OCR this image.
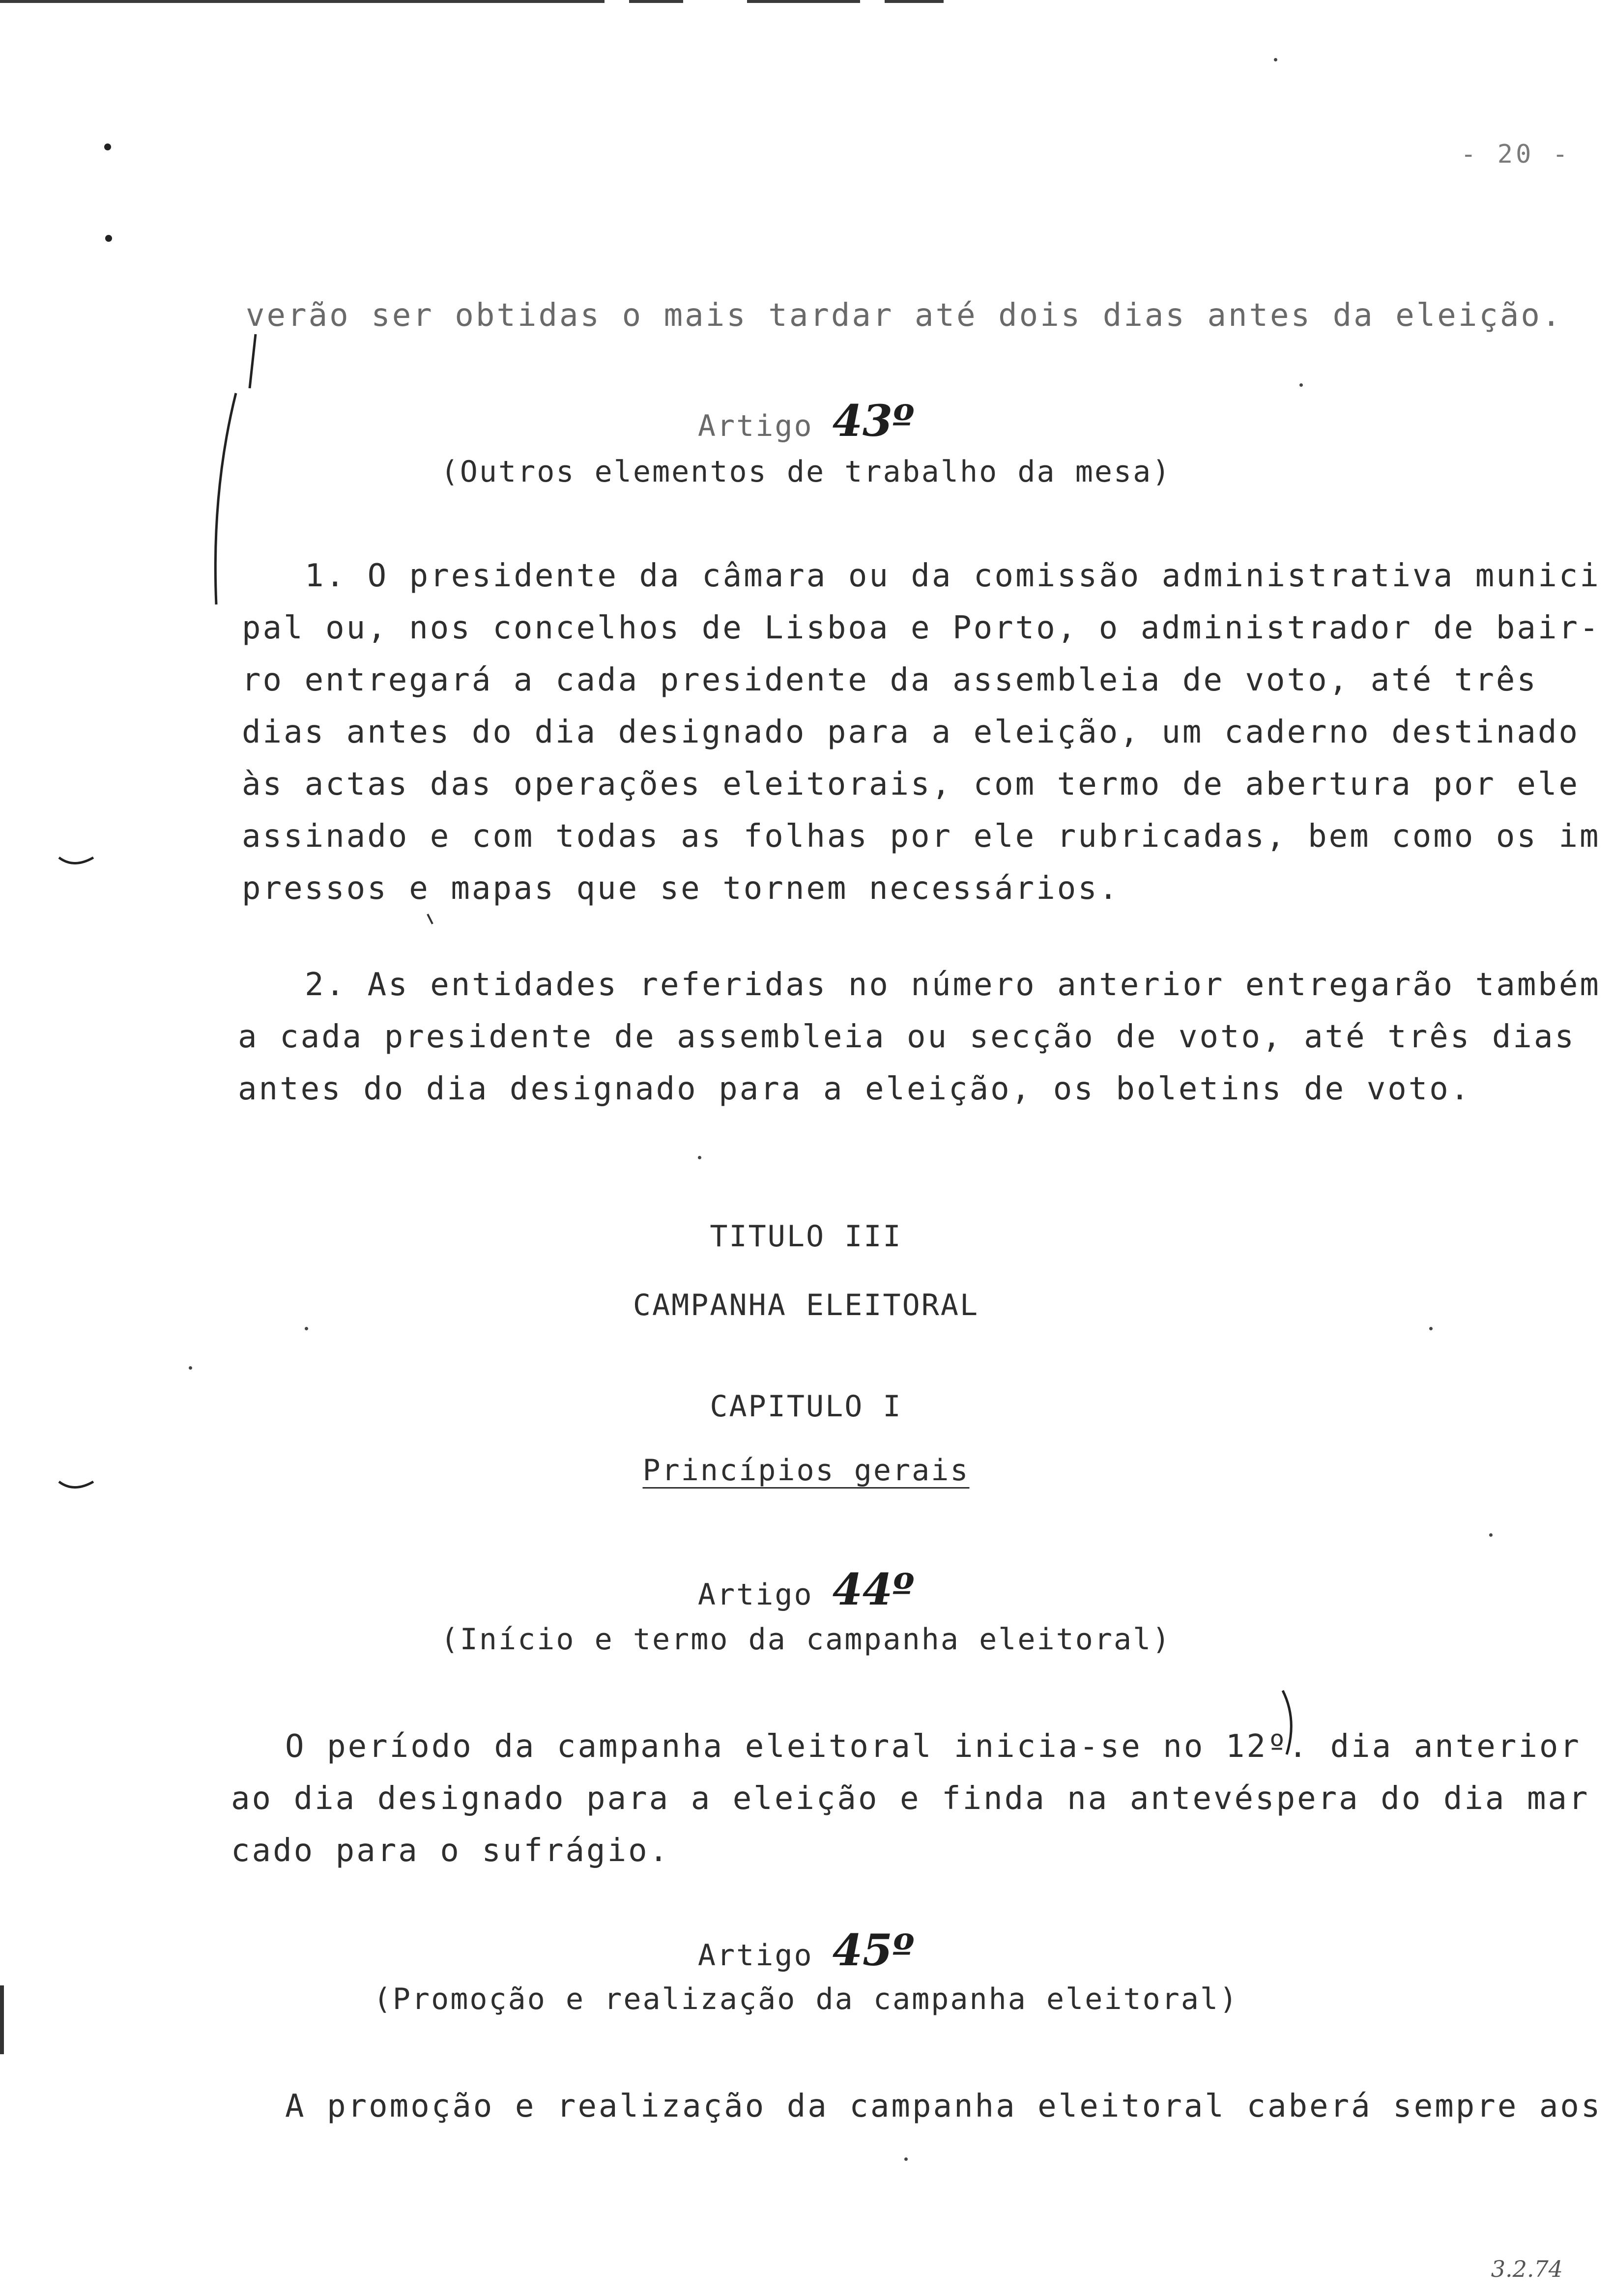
- 20 -
verão ser obtidas o mais tardar até dois dias antes da eleição.
Artigo 43º
(Outros elementos de trabalho da mesa)
1. O presidente da câmara ou da comissão administrativa munici
pal ou, nos concelhos de Lisboa e Porto, o administrador de bair-
ro entregará a cada presidente da assembleia de voto, até três
dias antes do dia designado para a eleição, um caderno destinado
às actas das operações eleitorais, com termo de abertura por ele
assinado e com todas as folhas por ele rubricadas, bem como os im
pressos e mapas que se tornem necessários.
2. As entidades referidas no número anterior entregarão também
a cada presidente de assembleia ou secção de voto, até três dias
antes do dia designado para a eleição, os boletins de voto.
TITULO III
CAMPANHA ELEITORAL
CAPITULO I
Princípios gerais
Artigo 44º
(Início e termo da campanha eleitoral)
O período da campanha eleitoral inicia-se no 12º. dia anterior
ao dia designado para a eleição e finda na antevéspera do dia mar
cado para o sufrágio.
Artigo 45º
(Promoção e realização da campanha eleitoral)
A promoção e realização da campanha eleitoral caberá sempre aos
3.2.74
